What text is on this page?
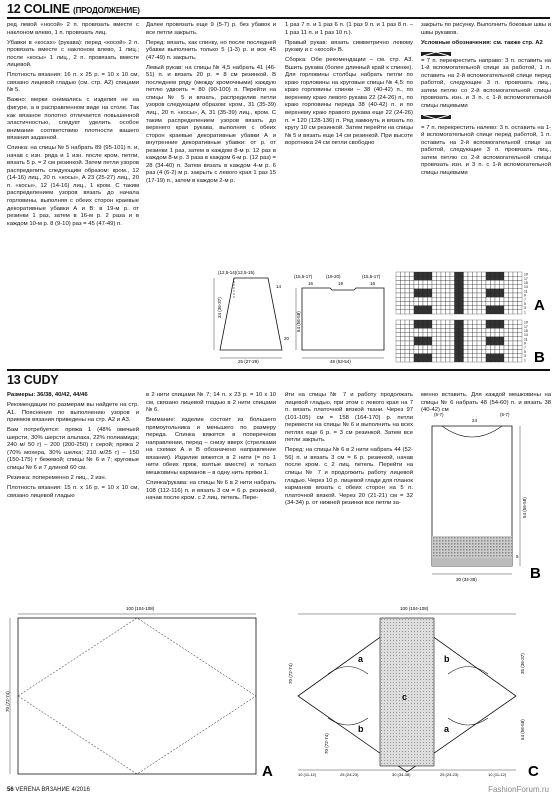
12 COLINE (ПРОДОЛЖЕНИЕ)

ред левой «носой» 2 п. провязать вместе с наклоном влево, 1 п. провязать лиц.

Убавки в «косах» (рукава): перед «косой» 2 п. провязать вместе с наклоном влево, 1 лиц.; после «косы» 1 лиц., 2 п. провязать вместе лицевой.

Плотность вязания: 16 п. х 25 р. = 10 х 10 см, связано лицевой гладью (см. стр. А2) спицами № 5.

Важно: мерки снимались с изделия не на фигуре, а в расправленном виде на столе. Так как вязаное полотно отличается повышенной эластичностью, следует уделить особое внимание соответствию плотности вашего вязания заданной.

Спинка: на спицы № 5 набрать 89 (95-101) п. и, начав с изн. ряда и 1 изн. после кром. петли, вязать 5 р. = 2 см резинкой. Затем петли узоров распределить следующим образом: кром., 12 (14-16) лиц., 20 п. «косы», А 23 (25-27) лиц., 20 п. «косы», 12 (14-16) лиц., 1 кром. С таким распределением узоров вязать до начала горловины, выполняя с обеих сторон краевые декоративные убавки А и В: в 19-м р. от резинки 1 раз, затем в 16-м р. 2 раза и в каждом 10-м р. 8 (9-10) раз = 45 (47-49) п.

Далее провязать еще 9 (5-7) р. без убавок и все петли закрыть.

Перед: вязать, как спинку, но после последней убавки выполнить только 5 (1-3) р. и все 45 (47-49) п. закрыть.

Левый рукав: на спицы № 4,5 набрать 41 (46-51) п. и вязать 20 р. = 8 см резинкой. В последнем ряду (между кромочными) каждую петлю удвоить = 80 (90-100) п. Перейти на спицы № 5 и вязать, распределив петли узоров следующим образом: кром., 31 (35-39) лиц., 20 п. «косы», А, 31 (35-39) лиц., кром. С таким распределением узоров вязать до верхнего края рукава, выполняя с обеих сторон краевые декоративные убавки А и внутренние декоративные убавки: от р. от резинки 1 раз, затем в каждом 8-м р. 12 раз в каждом 8-м р. 3 раза в каждом 6-м р. (12 раз) = 28 (34-40) п. Затем вязать в каждом 4-м р. 6 раз (4 (6-2) м р. закрыть с левого края 1 раз 15 (17-19) п., затем в каждом 2-м р.

1 раз 7 п. и 1 раз 6 п. (1 раз 9 п. и 1 раз 8 п. – 1 раз 11 п. и 1 раз 10 п.).

Правый рукав: вязать симметрично левому рукаву и с «косой» В.

Сборка: Обе рекомендации – см. стр. А3. Вшить рукава (более длинный край к спинке). Для горловины столбцы набрать петли по краю горловины на круговые спицы № 4,5: по краю горловины спинки – 38 (40-42) п., по верхнему краю левого рукава 22 (24-26) п., по краю горловины переда 38 (40-42) п. и по верхнему краю правого рукава еще 22 (24-26) п. = 120 (128-136) п. Ряд замкнуть и вязать по кругу 10 см резинкой. Затем перейти на спицы № 5 и вязать еще 14 см резинкой. При высоте воротника 24 см петли свободно

закрыть по рисунку. Выполнить боковые швы и швы рукавов.

Условные обозначения: см. также стр. А2

= 7 п. перекрестить направо: 3 п. оставить на 1-й вспомогательной спице за работой, 1 п. оставить на 2-й вспомогательной спице перед работой, следующие 3 п. провязать лиц., затем петлю со 2-й вспомогательной спицы провязать изн. и 3 п. с 1-й вспомогательной спицы лицевыми

= 7 п. перекрестить налево: 3 п. оставить на 1-й вспомогательной спице перед работой, 1 п. оставить на 2-й вспомогательной спице за работой, следующие 3 п. провязать лиц., затем петлю со 2-й вспомогательной спицы провязать изн. и 3 п. с 1-й вспомогательной спицы лицевыми

(12,5-14)(12,5-15)
14
34 (36-37)
20
25 (27-29)
(15,5-17)	(19-20)	(15,5-17)
16	19	16
54 (56-58)
48 (53-54)
19
17
15
13
11
9
7
5
3
1
19
17
15
13
11
9
7
5
3
1
A
B
13 CUDY

Размеры: 36/38, 40/42, 44/46

Рекомендации по размерам вы найдете на стр. А1. Пояснения по выполнению узоров и приемов вязания приведены на стр. А2 и А3.

Вам потребуется: пряжа 1 (48% овечьей шерсти, 30% шерсти альпака, 22% полиамида; 240 м/ 50 г) – 200 (200-250) г серой; пряжа 2 (70% мохера, 30% шелка; 210 м/25 г) – 150 (150-175) г бежевой; спицы № 6 и 7; круговые спицы № 6 и 7 длиной 60 см.

Резинка: попеременно 2 лиц., 2 изн.

Плотность вязания: 15 п. х 16 р. = 10 х 10 см, связано лицевой гладью

в 2 нити спицами № 7; 14 п. х 23 р. = 10 х 10 см, связано лицевой гладью в 2 нити спицами № 6.

Внимание: изделие состоит из большего прямоугольника и меньшего по размеру переда. Спинка вяжется в поперечном направлении, перед – снизу вверх (стрелками на схемах А и В обозначено направление вязания). Изделие вяжется в 2 нити (= по 1 нити обеих пряж, взятые вместе) и только мешковины карманов – в одну нить пряжи 1.

Спинка/рукава: на спицы № 6 в 2 нити набрать 108 (112-116) п. и вязать 3 см = 6 р. резинкой, начав после кром. с 2 лиц. петель. Пере-

йти на спицы № 7 и работу продолжать лицевой гладью, при этом с левого края на 7 п. вязать платочной вязкой ткани. Через 97 (101-105) см = 158 (164-170) р. петли перевести на спицы № 6 и выполнить на всех петлях еще 6 р. = 3 см резинкой. Затем все петли закрыть.

Перед: на спицы № 6 в 2 нити набрать 44 (52-56) п. и вязать 3 см = 6 р. резинкой, начав после кром. с 2 лиц. петель. Перейти на спицы № 7 и продолжить работу лицевой гладью. Через 10 р. лицевой глади для планок карманов вязать с обеих сторон на 5 п. платочной вязкой. Через 20 (21-21) см = 32 (34-34) р. от нижней резинки все петли за-

менно вставить. Для каждой мешковины на спицы № 6 набрать 48 (54-60) п. и вязать 38 (40-42) см

(5-7)	(5-7)
24
5
54 (56-58)
30 (34-38)	B
100 (104-108)
70 (72-74)
A
100 (104-108)
70 (72-74)	35 (36-37)
54 (56-58)
70 (72-74)
10 (11-12)	25 (24-23)	30 (34-38)	25 (24-23)	10 (11-12)
a	b
b	a
c
C
56 VERENA ВЯЗАНИЕ 4/2016	FashionForum.ru
